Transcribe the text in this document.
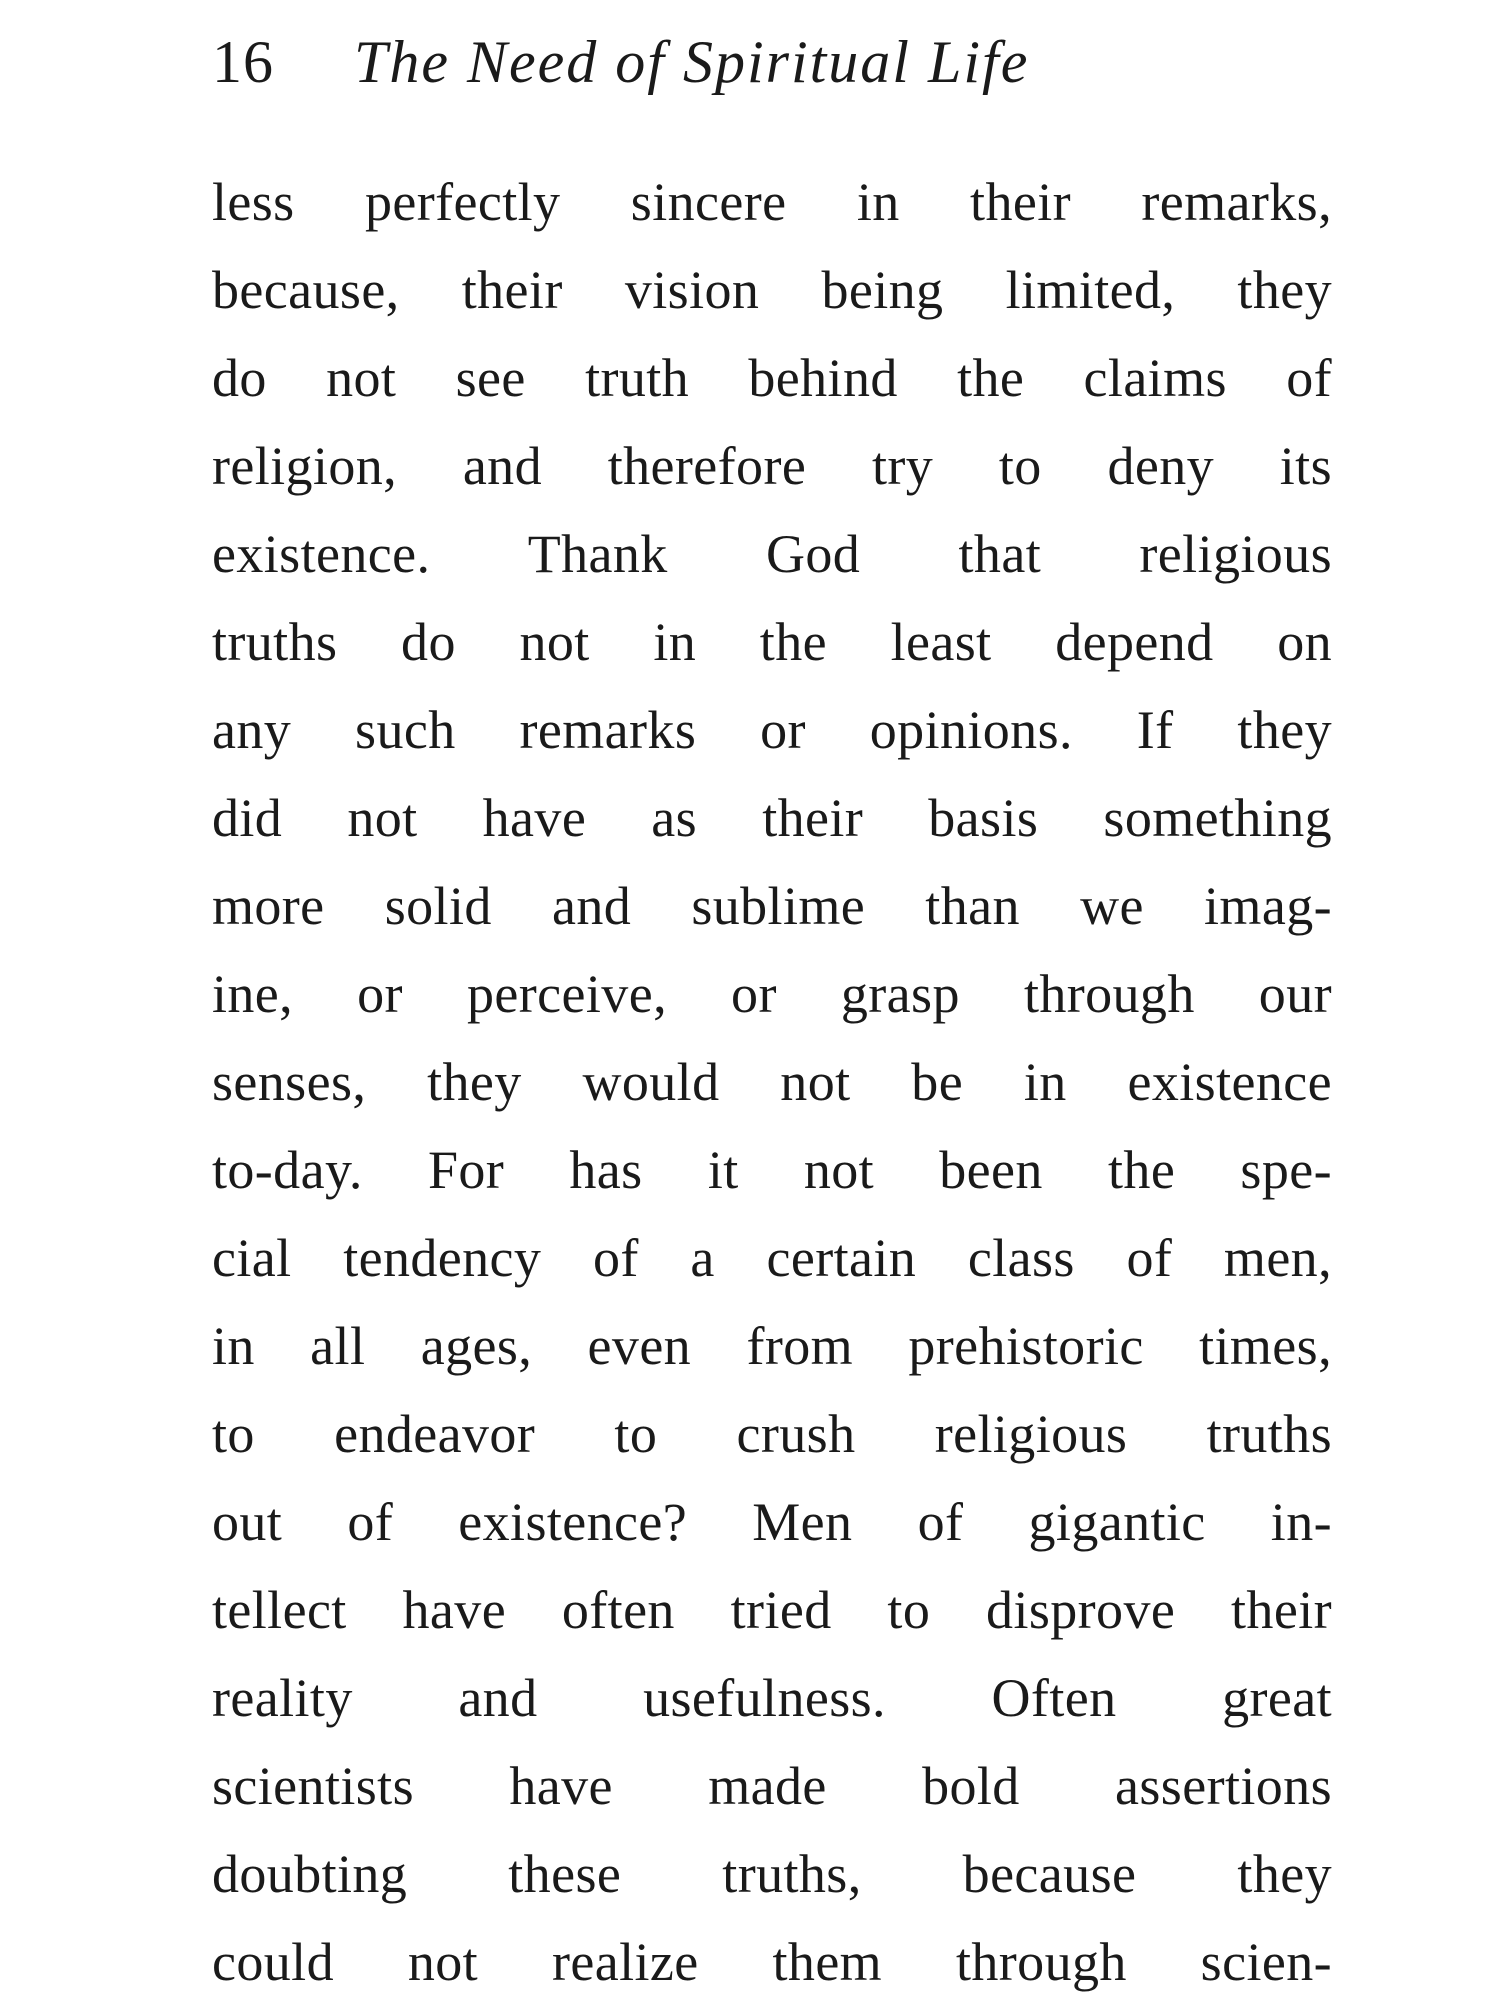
16 The Need of Spiritual Life
less perfectly sincere in their remarks,
because, their vision being limited, they
do not see truth behind the claims of
religion, and therefore try to deny its
existence. Thank God that religious
truths do not in the least depend on
any such remarks or opinions. If they
did not have as their basis something
more solid and sublime than we imag-
ine, or perceive, or grasp through our
senses, they would not be in existence
to-day. For has it not been the spe-
cial tendency of a certain class of men,
in all ages, even from prehistoric times,
to endeavor to crush religious truths
out of existence? Men of gigantic in-
tellect have often tried to disprove their
reality and usefulness. Often great
scientists have made bold assertions
doubting these truths, because they
could not realize them through scien-
